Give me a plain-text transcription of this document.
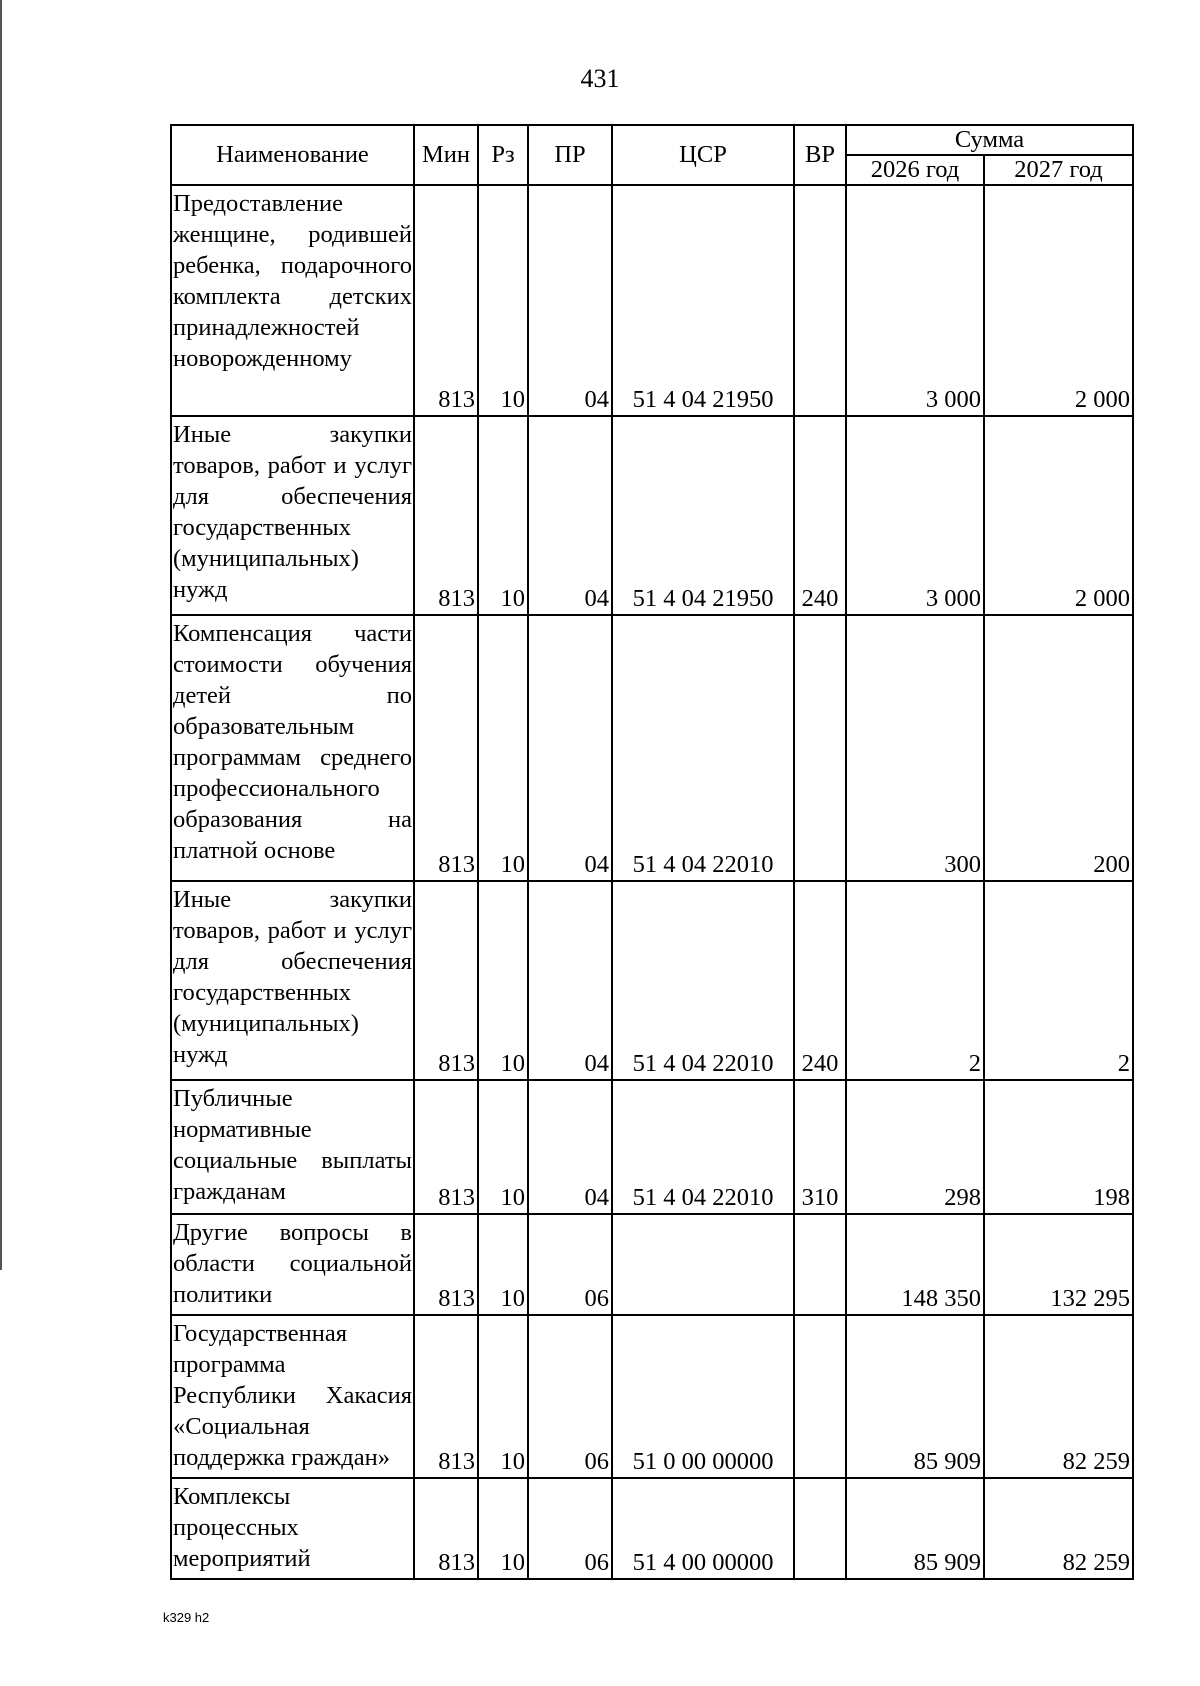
431
Наименование	Мин	Рз	ПР	ЦСР	ВР	Сумма	
						2026 год	2027 год
Предоставление женщине, родившей ребенка, подарочного комплекта детских принадлежностей новорожденному	813	10	04	51 4 04 21950		3 000	2 000
Иные закупки товаров, работ и услуг для обеспечения государственных (муниципальных) нужд	813	10	04	51 4 04 21950	240	3 000	2 000
Компенсация части стоимости обучения детей по образовательным программам среднего профессионального образования на платной основе	813	10	04	51 4 04 22010		300	200
Иные закупки товаров, работ и услуг для обеспечения государственных (муниципальных) нужд	813	10	04	51 4 04 22010	240	2	2
Публичные нормативные социальные выплаты гражданам	813	10	04	51 4 04 22010	310	298	198
Другие вопросы в области социальной политики	813	10	06			148 350	132 295
Государственная программа Республики Хакасия «Социальная поддержка граждан»	813	10	06	51 0 00 00000		85 909	82 259
Комплексы процессных мероприятий	813	10	06	51 4 00 00000		85 909	82 259
k329 h2
